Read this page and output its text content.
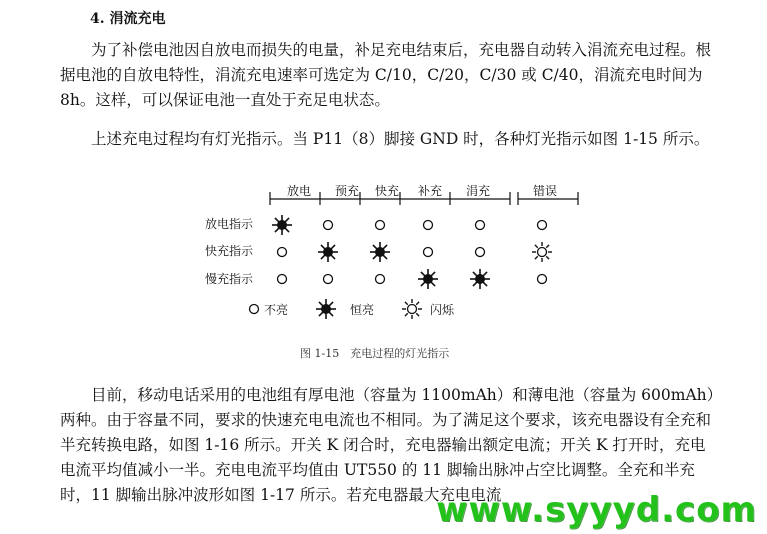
4. 涓流充电

为了补偿电池因自放电而损失的电量，补足充电结束后，充电器自动转入涓流充电过程。根据电池的自放电特性，涓流充电速率可选定为 C/10，C/20，C/30 或 C/40，涓流充电时间为 8h。这样，可以保证电池一直处于充足电状态。

上述充电过程均有灯光指示。当 P11（8）脚接 GND 时，各种灯光指示如图 1-15 所示。

放电 预充 快充 补充 涓充	错误
放电指示
快充指示
慢充指示
不亮	恒亮	闪烁
图 1-15　充电过程的灯光指示

目前，移动电话采用的电池组有厚电池（容量为 1100mAh）和薄电池（容量为 600mAh）两种。由于容量不同，要求的快速充电电流也不相同。为了满足这个要求，该充电器设有全充和半充转换电路，如图 1-16 所示。开关 K 闭合时，充电器输出额定电流；开关 K 打开时，充电电流平均值减小一半。充电电流平均值由 UT550 的 11 脚输出脉冲占空比调整。全充和半充时，11 脚输出脉冲波形如图 1-17 所示。若充电器最大充电电流

www.syyyd.com
